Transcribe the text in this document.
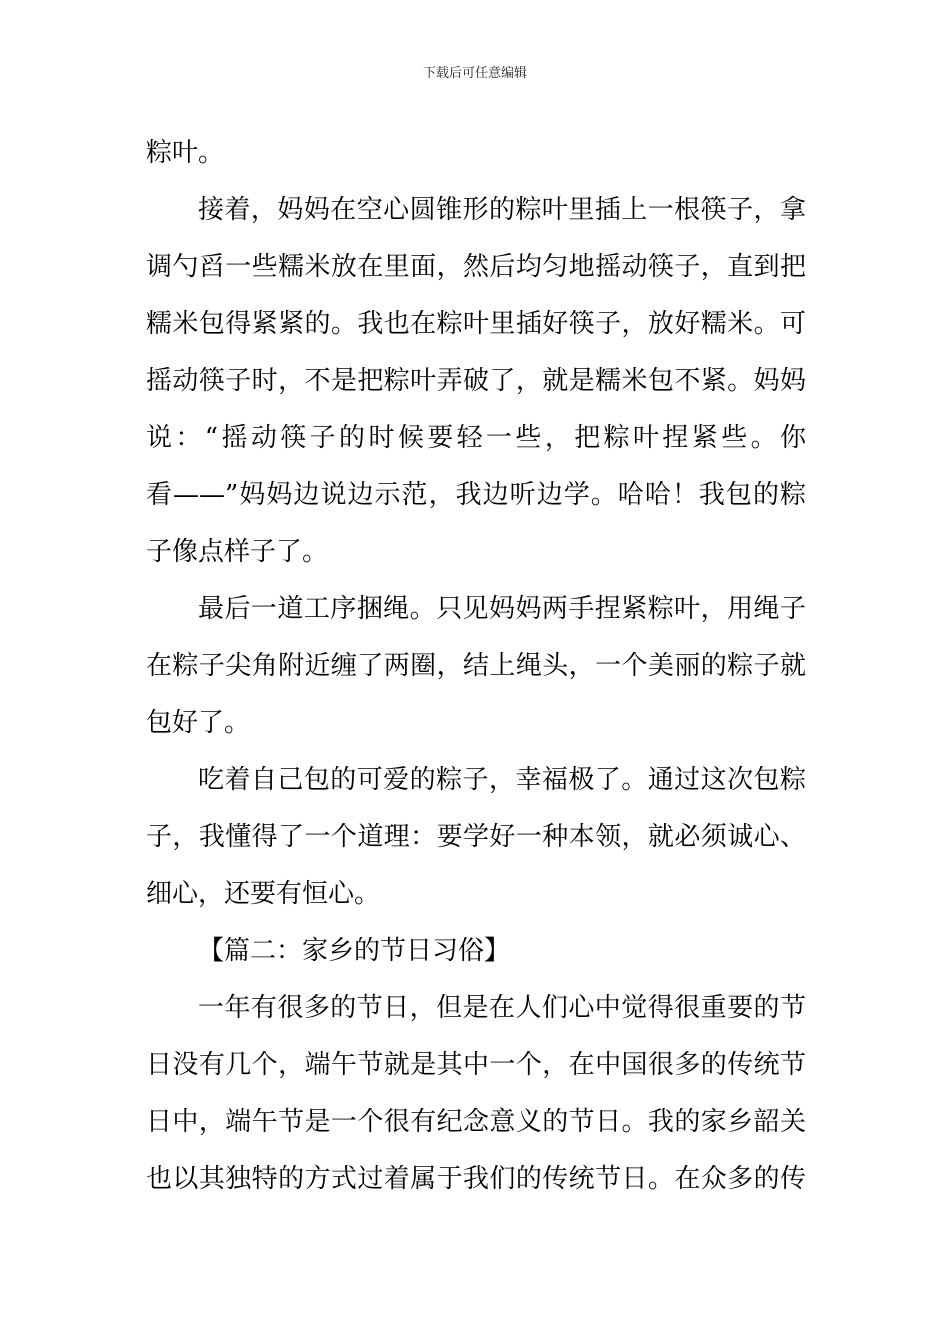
下载后可任意编辑
粽叶。
接着，妈妈在空心圆锥形的粽叶里插上一根筷子，拿
调勺舀一些糯米放在里面，然后均匀地摇动筷子，直到把
糯米包得紧紧的。我也在粽叶里插好筷子，放好糯米。可
摇动筷子时，不是把粽叶弄破了，就是糯米包不紧。妈妈
说：“摇动筷子的时候要轻一些，把粽叶捏紧些。你
看——”妈妈边说边示范，我边听边学。哈哈！我包的粽
子像点样子了。
最后一道工序捆绳。只见妈妈两手捏紧粽叶，用绳子
在粽子尖角附近缠了两圈，结上绳头，一个美丽的粽子就
包好了。
吃着自己包的可爱的粽子，幸福极了。通过这次包粽
子，我懂得了一个道理：要学好一种本领，就必须诚心、
细心，还要有恒心。
【篇二：家乡的节日习俗】
一年有很多的节日，但是在人们心中觉得很重要的节
日没有几个，端午节就是其中一个，在中国很多的传统节
日中，端午节是一个很有纪念意义的节日。我的家乡韶关
也以其独特的方式过着属于我们的传统节日。在众多的传
